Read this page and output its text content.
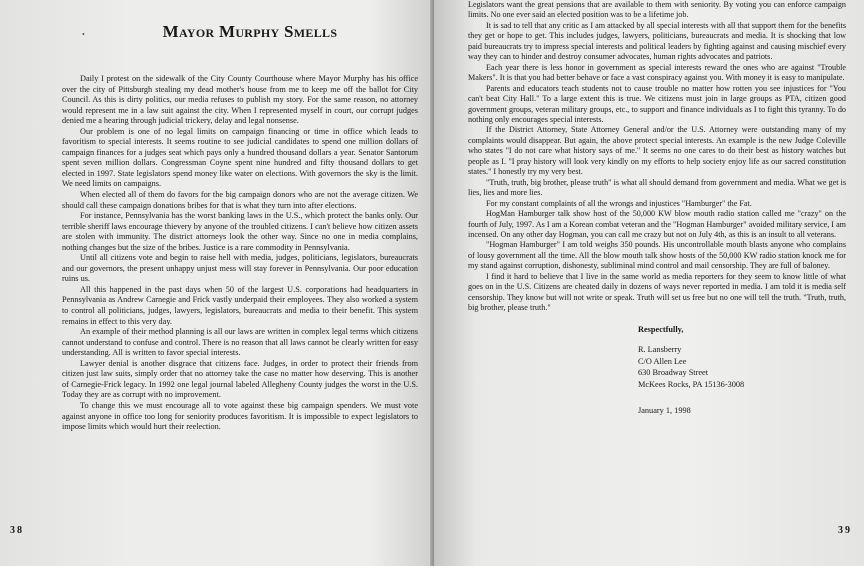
•	Mayor Murphy Smells

Daily I protest on the sidewalk of the City County Courthouse where Mayor Murphy has his office over the city of Pittsburgh stealing my dead mother's house from me to keep me off the ballot for City Council. As this is dirty politics, our media refuses to publish my story. For the same reason, no attorney would represent me in a law suit against the city. When I represented myself in court, our corrupt judges denied me a hearing through judicial trickery, delay and legal nonsense.

Our problem is one of no legal limits on campaign financing or time in office which leads to favoritism to special interests. It seems routine to see judicial candidates to spend one million dollars of campaign finances for a judges seat which pays only a hundred thousand dollars a year. Senator Santorum spent seven million dollars. Congressman Coyne spent nine hundred and fifty thousand dollars to get elected in 1997. State legislators spend money like water on elections. With governors the sky is the limit. We need limits on campaigns.

When elected all of them do favors for the big campaign donors who are not the average citizen. We should call these campaign donations bribes for that is what they turn into after elections.

For instance, Pennsylvania has the worst banking laws in the U.S., which protect the banks only. Our terrible sheriff laws encourage thievery by anyone of the troubled citizens. I can't believe how citizen assets are stolen with immunity. The district attorneys look the other way. Since no one in media complains, nothing changes but the size of the bribes. Justice is a rare commodity in Pennsylvania.

Until all citizens vote and begin to raise hell with media, judges, politicians, legislators, bureaucrats and our governors, the present unhappy unjust mess will stay forever in Pennsylvania. Our poor education ruins us.

All this happened in the past days when 50 of the largest U.S. corporations had headquarters in Pennsylvania as Andrew Carnegie and Frick vastly underpaid their employees. They also worked a system to control all politicians, judges, lawyers, legislators, bureaucrats and media to their benefit. This system remains in effect to this very day.

An example of their method planning is all our laws are written in complex legal terms which citizens cannot understand to confuse and control. There is no reason that all laws cannot be clearly written for easy understanding. All is written to favor special interests.

Lawyer denial is another disgrace that citizens face. Judges, in order to protect their friends from citizen just law suits, simply order that no attorney take the case no matter how deserving. This is another of Carnegie-Frick legacy. In 1992 one legal journal labeled Allegheny County judges the worst in the U.S. Today they are as corrupt with no improvement.

To change this we must encourage all to vote against these big campaign spenders. We must vote against anyone in office too long for seniority produces favoritism. It is impossible to expect legislators to impose limits which would hurt their reelection.

38

Legislators want the great pensions that are available to them with seniority. By voting you can enforce campaign limits. No one ever said an elected position was to be a lifetime job.

It is sad to tell that any critic as I am attacked by all special interests with all that support them for the benefits they get or hope to get. This includes judges, lawyers, politicians, bureaucrats and media. It is shocking that low paid bureaucrats try to impress special interests and political leaders by fighting against and causing mischief every way they can to hinder and destroy consumer advocates, human rights advocates and patriots.

Each year there is less honor in government as special interests reward the ones who are against "Trouble Makers". It is that you had better behave or face a vast conspiracy against you. With money it is easy to manipulate.

Parents and educators teach students not to cause trouble no matter how rotten you see injustices for "You can't beat City Hall." To a large extent this is true. We citizens must join in large groups as PTA, citizen good government groups, veteran military groups, etc., to support and finance individuals as I to fight this tyranny. To do nothing only encourages special interests.

If the District Attorney, State Attorney General and/or the U.S. Attorney were outstanding many of my complaints would disappear. But again, the above protect special interests. An example is the new Judge Coleville who states "I do not care what history says of me." It seems no one cares to do their best as history watches but people as I. "I pray history will look very kindly on my efforts to help society enjoy life as our sacred constitution states." I honestly try my very best.

"Truth, truth, big brother, please truth" is what all should demand from government and media. What we get is lies, lies and more lies.

For my constant complaints of all the wrongs and injustices "Hamburger" the Fat.

HogMan Hamburger talk show host of the 50,000 KW blow mouth radio station called me "crazy" on the fourth of July, 1997. As I am a Korean combat veteran and the "Hogman Hamburger" avoided military service, I am incensed. On any other day Hogman, you can call me crazy but not on July 4th, as this is an insult to all veterans.

"Hogman Hamburger" I am told weighs 350 pounds. His uncontrollable mouth blasts anyone who complains of lousy government all the time. All the blow mouth talk show hosts of the 50,000 KW radio station knock me for my stand against corruption, dishonesty, subliminal mind control and mail censorship. They are full of baloney.

I find it hard to believe that I live in the same world as media reporters for they seem to know little of what goes on in the U.S. Citizens are cheated daily in dozens of ways never reported in media. I am told it is media self censorship. They know but will not write or speak. Truth will set us free but no one will tell the truth. "Truth, truth, big brother, please truth."

Respectfully,
R. Lansberry
C/O Allen Lee
630 Broadway Street
McKees Rocks, PA 15136-3008
January 1, 1998
39
